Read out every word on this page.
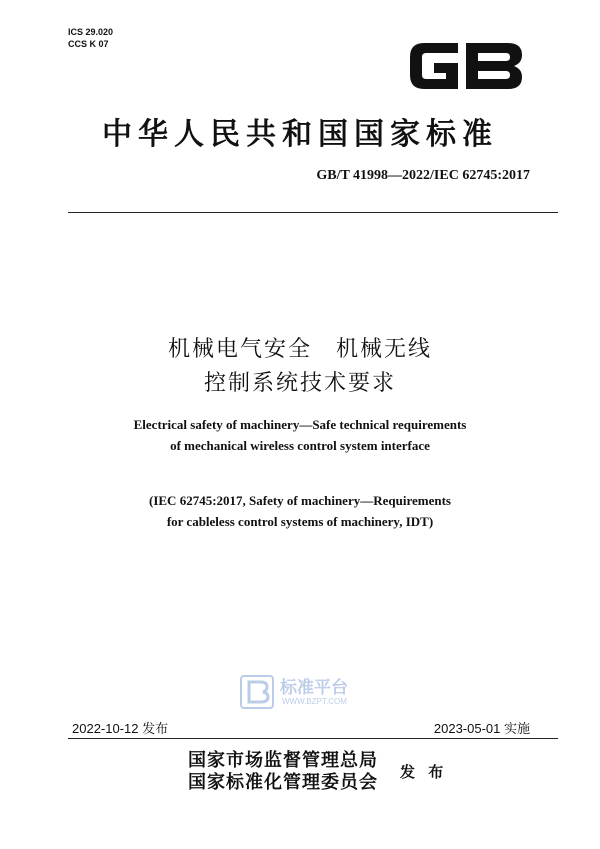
ICS 29.020
CCS K 07
中华人民共和国国家标准
GB/T 41998—2022/IEC 62745:2017
机械电气安全　机械无线
控制系统技术要求
Electrical safety of machinery—Safe technical requirements
of mechanical wireless control system interface
(IEC 62745:2017, Safety of machinery—Requirements
for cableless control systems of machinery, IDT)
标准平台
WWW.BZPT.COM
2022-10-12 发布	2023-05-01 实施
国家市场监督管理总局
国家标准化管理委员会 发 布
